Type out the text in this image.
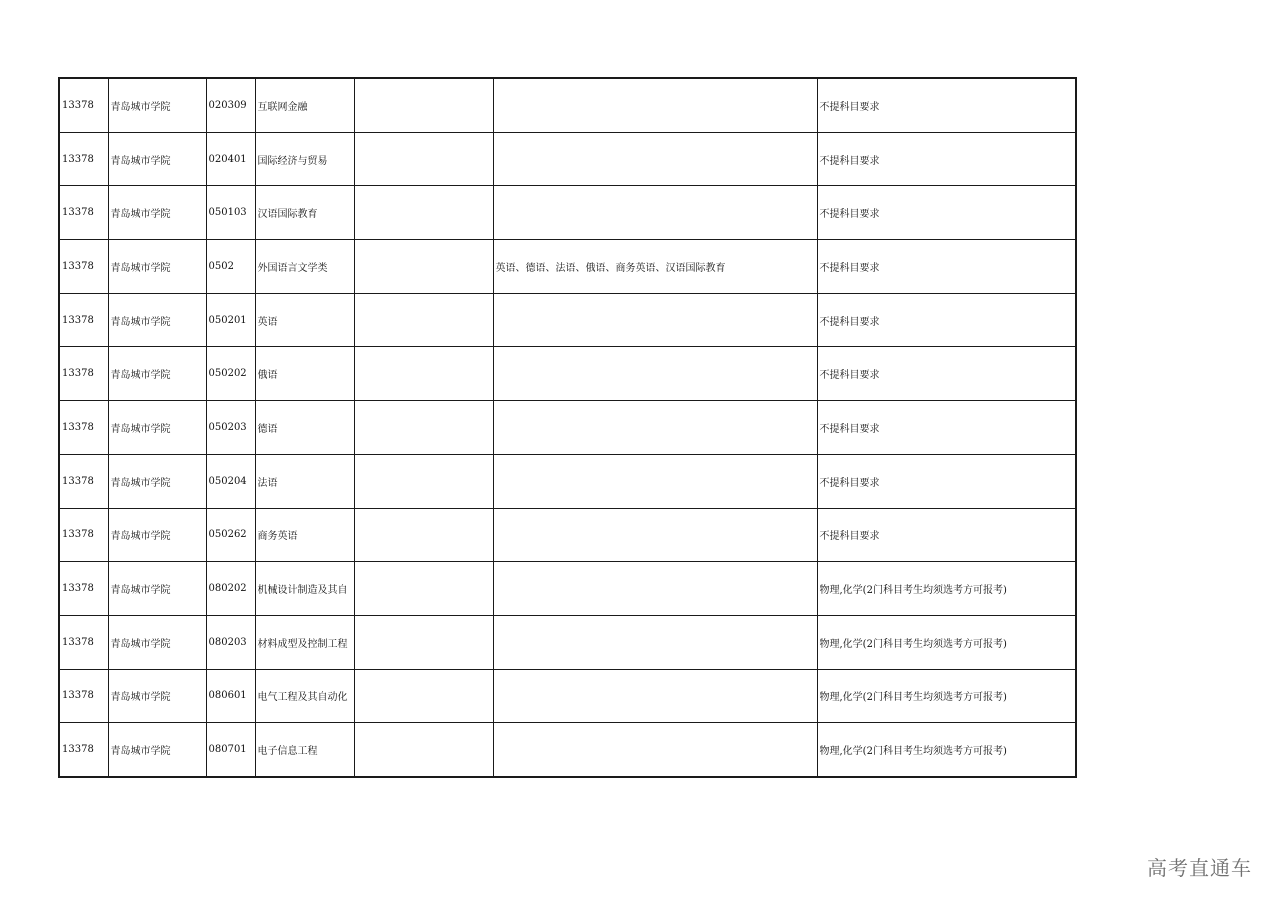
13378	青岛城市学院	020309	互联网金融			不提科目要求
13378	青岛城市学院	020401	国际经济与贸易			不提科目要求
13378	青岛城市学院	050103	汉语国际教育			不提科目要求
13378	青岛城市学院	0502	外国语言文学类		英语、德语、法语、俄语、商务英语、汉语国际教育	不提科目要求
13378	青岛城市学院	050201	英语			不提科目要求
13378	青岛城市学院	050202	俄语			不提科目要求
13378	青岛城市学院	050203	德语			不提科目要求
13378	青岛城市学院	050204	法语			不提科目要求
13378	青岛城市学院	050262	商务英语			不提科目要求
13378	青岛城市学院	080202	机械设计制造及其自			物理,化学(2门科目考生均须选考方可报考)
13378	青岛城市学院	080203	材料成型及控制工程			物理,化学(2门科目考生均须选考方可报考)
13378	青岛城市学院	080601	电气工程及其自动化			物理,化学(2门科目考生均须选考方可报考)
13378	青岛城市学院	080701	电子信息工程			物理,化学(2门科目考生均须选考方可报考)
高考直通车
